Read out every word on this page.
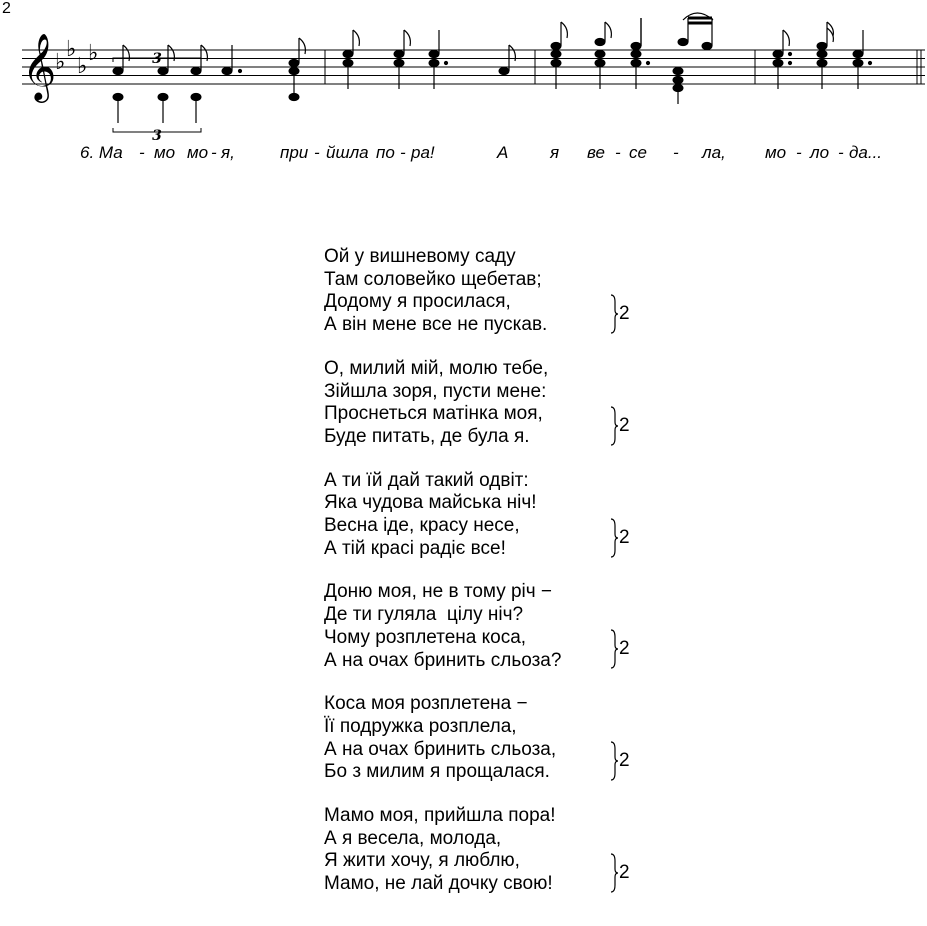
2
𝄞
♭
♭
♭
♭	3
3
6. Ма - мо мо - я,	при - йшла по - ра!	А я ве - се - ла, мо - ло - да...
Ой у вишневому саду
Там соловейко щебетав;
Додому я просилася,
А він мене все не пускав.
2
О, милий мій, молю тебе,
Зійшла зоря, пусти мене:
Проснеться матінка моя,
Буде питать, де була я.
2
А ти їй дай такий одвіт:
Яка чудова майська ніч!
Весна іде, красу несе,
А тій красі радіє все!
2
Доню моя, не в тому річ −
Де ти гуляла  цілу ніч?
Чому розплетена коса,
А на очах бринить сльоза?
2
Коса моя розплетена −
Її подружка розплела,
А на очах бринить сльоза,
Бо з милим я прощалася.
2
Мамо моя, прийшла пора!
А я весела, молода,
Я жити хочу, я люблю,
Мамо, не лай дочку свою!
2
